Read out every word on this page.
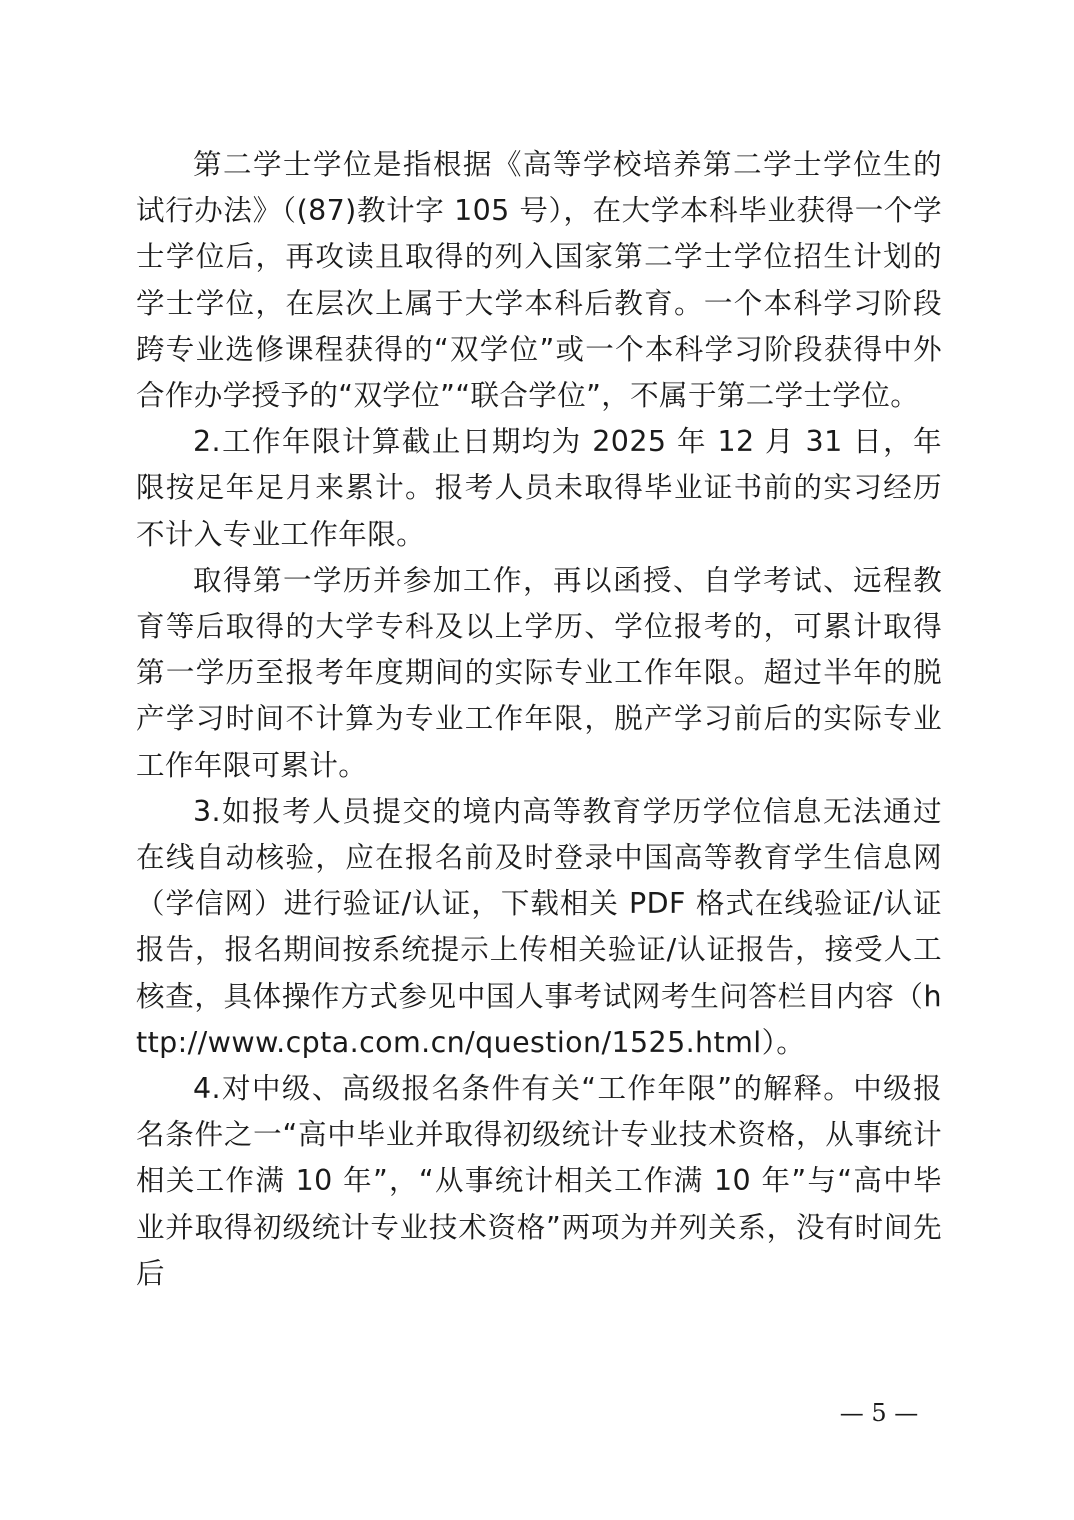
第二学士学位是指根据《高等学校培养第二学士学位生的试行办法》（(87)教计字 105 号），在大学本科毕业获得一个学士学位后，再攻读且取得的列入国家第二学士学位招生计划的学士学位，在层次上属于大学本科后教育。一个本科学习阶段跨专业选修课程获得的“双学位”或一个本科学习阶段获得中外合作办学授予的“双学位”“联合学位”，不属于第二学士学位。

2.工作年限计算截止日期均为 2025 年 12 月 31 日，年限按足年足月来累计。报考人员未取得毕业证书前的实习经历不计入专业工作年限。

取得第一学历并参加工作，再以函授、自学考试、远程教育等后取得的大学专科及以上学历、学位报考的，可累计取得第一学历至报考年度期间的实际专业工作年限。超过半年的脱产学习时间不计算为专业工作年限，脱产学习前后的实际专业工作年限可累计。

3.如报考人员提交的境内高等教育学历学位信息无法通过在线自动核验，应在报名前及时登录中国高等教育学生信息网（学信网）进行验证/认证，下载相关 PDF 格式在线验证/认证报告，报名期间按系统提示上传相关验证/认证报告，接受人工核查，具体操作方式参见中国人事考试网考生问答栏目内容（http://www.cpta.com.cn/question/1525.html）。

4.对中级、高级报名条件有关“工作年限”的解释。中级报名条件之一“高中毕业并取得初级统计专业技术资格，从事统计相关工作满 10 年”，“从事统计相关工作满 10 年”与“高中毕业并取得初级统计专业技术资格”两项为并列关系，没有时间先后

— 5 —
